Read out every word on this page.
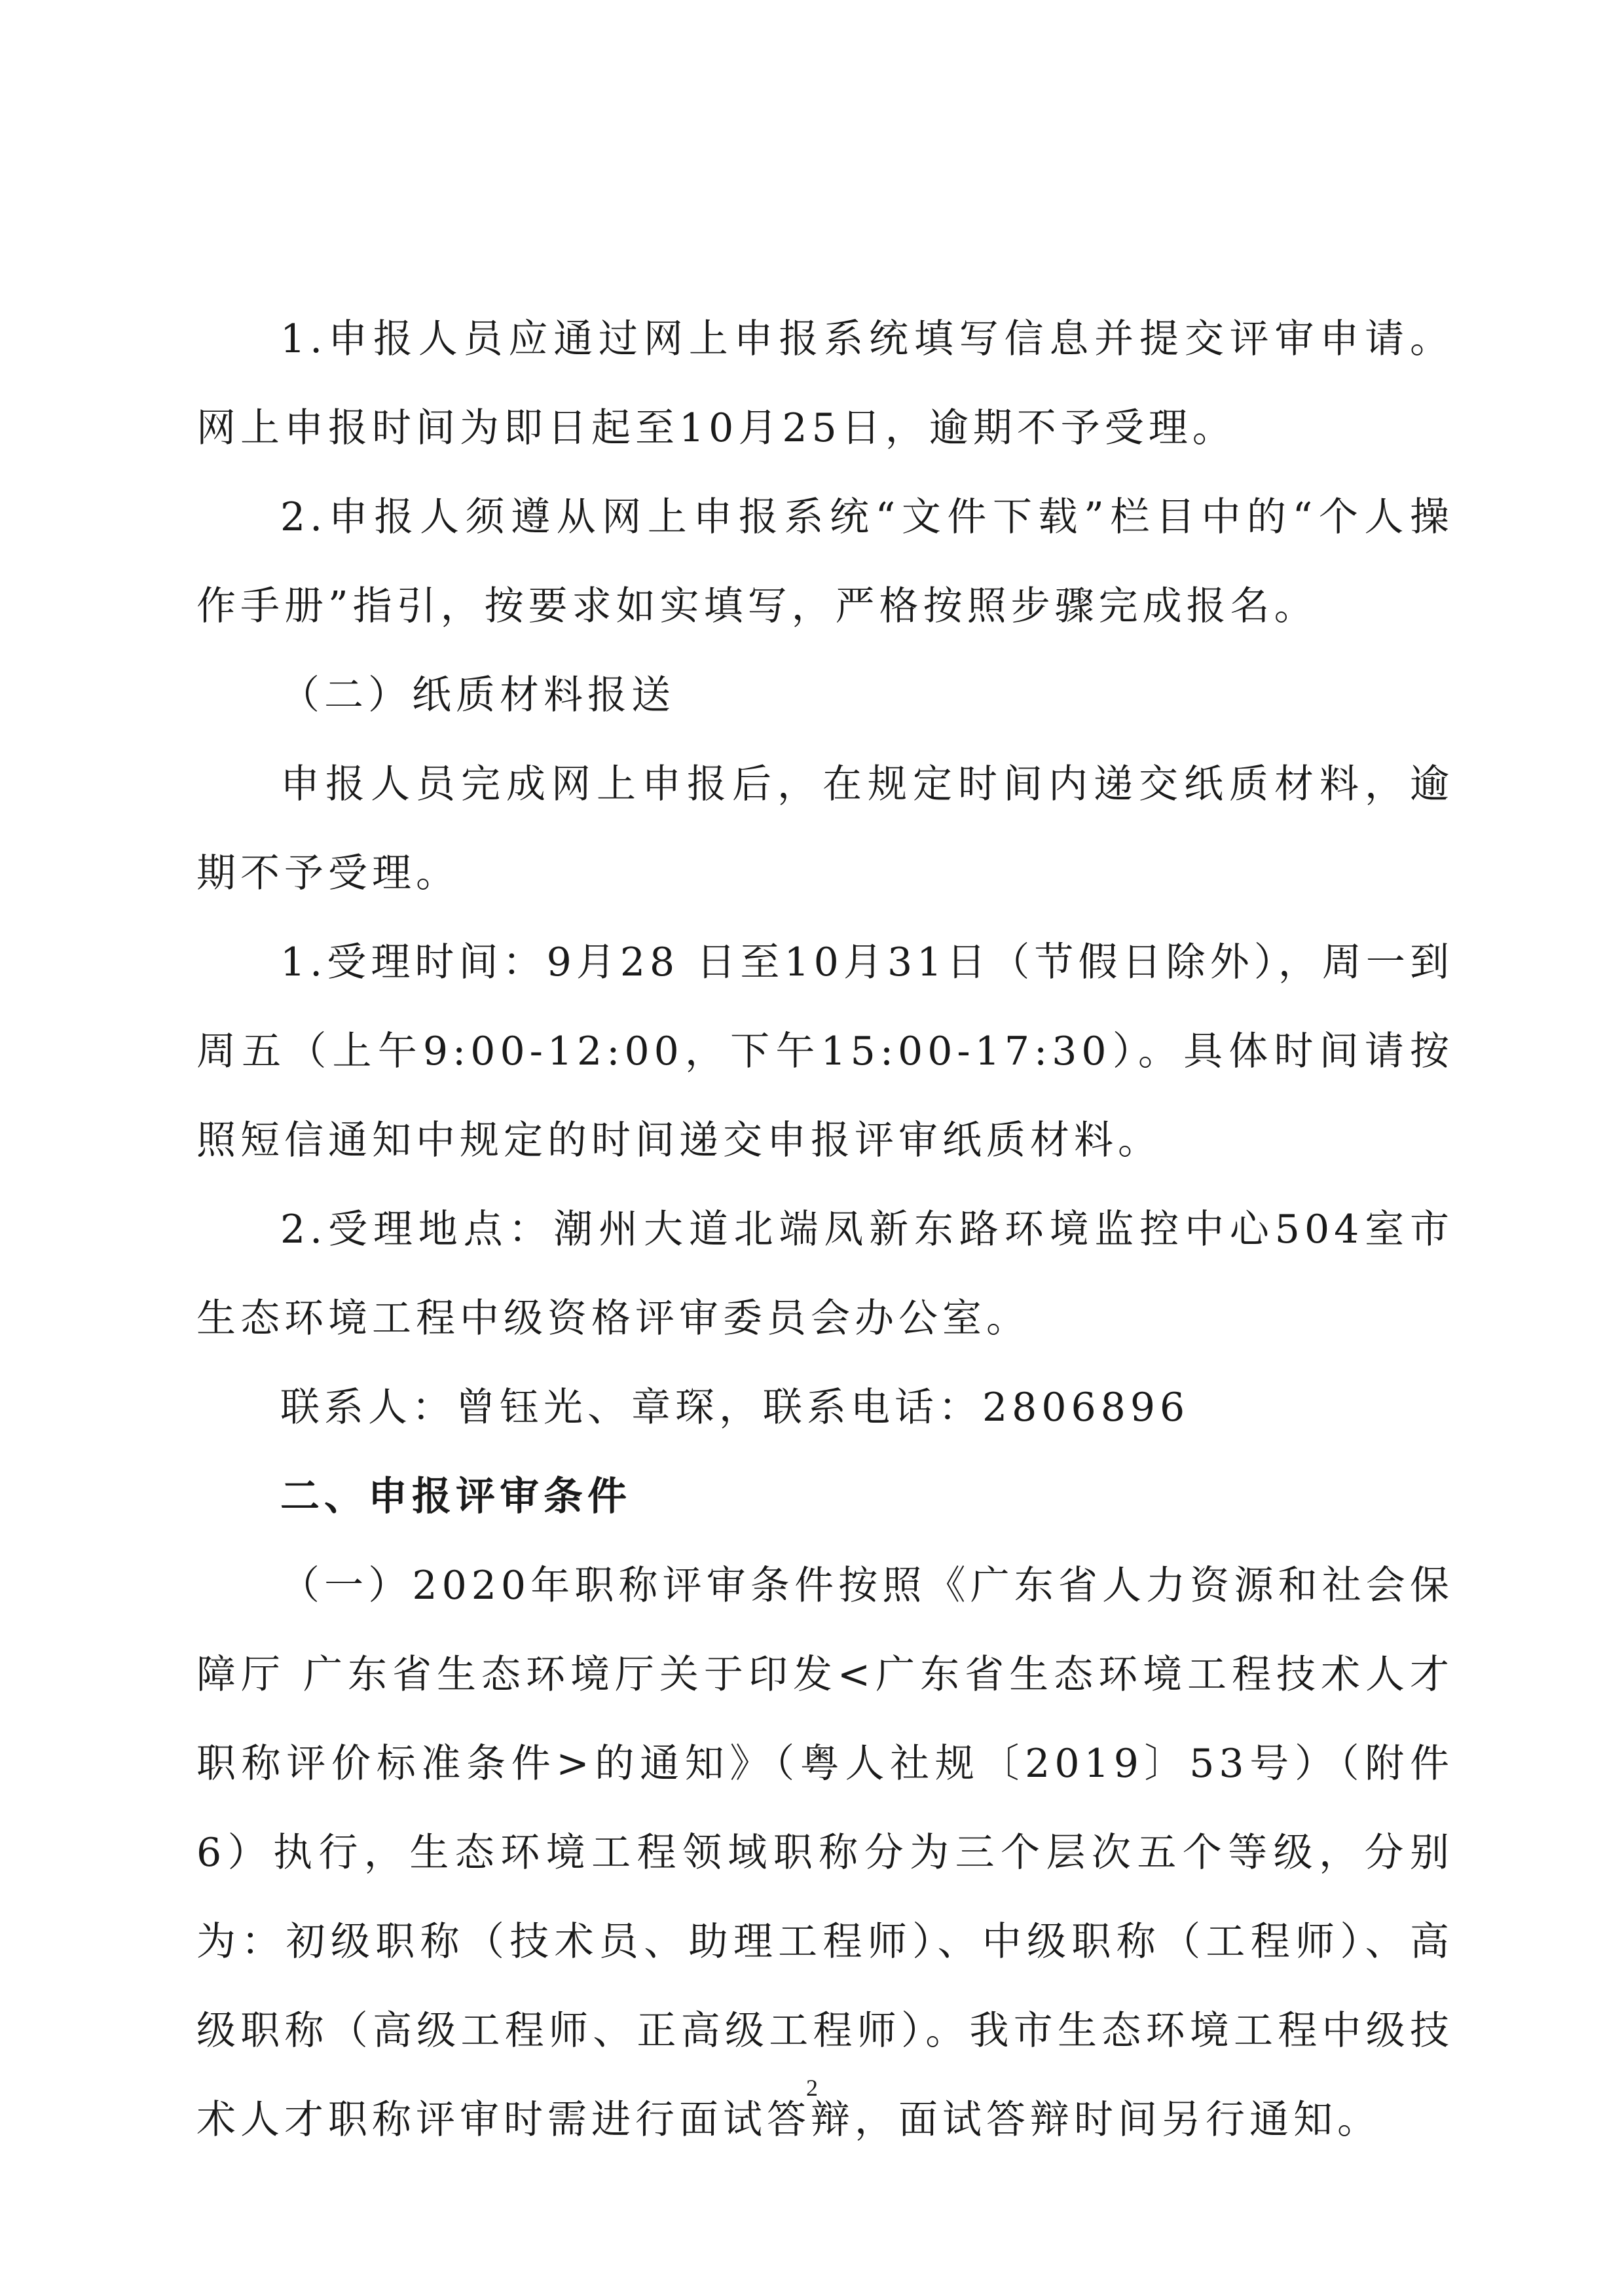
1.申报人员应通过网上申报系统填写信息并提交评审申请。网上申报时间为即日起至10月25日，逾期不予受理。

2.申报人须遵从网上申报系统“文件下载”栏目中的“个人操作手册”指引，按要求如实填写，严格按照步骤完成报名。

（二）纸质材料报送

申报人员完成网上申报后，在规定时间内递交纸质材料，逾期不予受理。

1.受理时间：9月28 日至10月31日（节假日除外），周一到周五（上午9:00-12:00，下午15:00-17:30）。具体时间请按照短信通知中规定的时间递交申报评审纸质材料。

2.受理地点：潮州大道北端凤新东路环境监控中心504室市生态环境工程中级资格评审委员会办公室。

联系人：曾钰光、章琛，联系电话：2806896

二、申报评审条件

（一）2020年职称评审条件按照《广东省人力资源和社会保障厅 广东省生态环境厅关于印发<广东省生态环境工程技术人才职称评价标准条件>的通知》（粤人社规〔2019〕53号）（附件6）执行，生态环境工程领域职称分为三个层次五个等级，分别为：初级职称（技术员、助理工程师）、中级职称（工程师）、高级职称（高级工程师、正高级工程师）。我市生态环境工程中级技术人才职称评审时需进行面试答辩，面试答辩时间另行通知。

2
